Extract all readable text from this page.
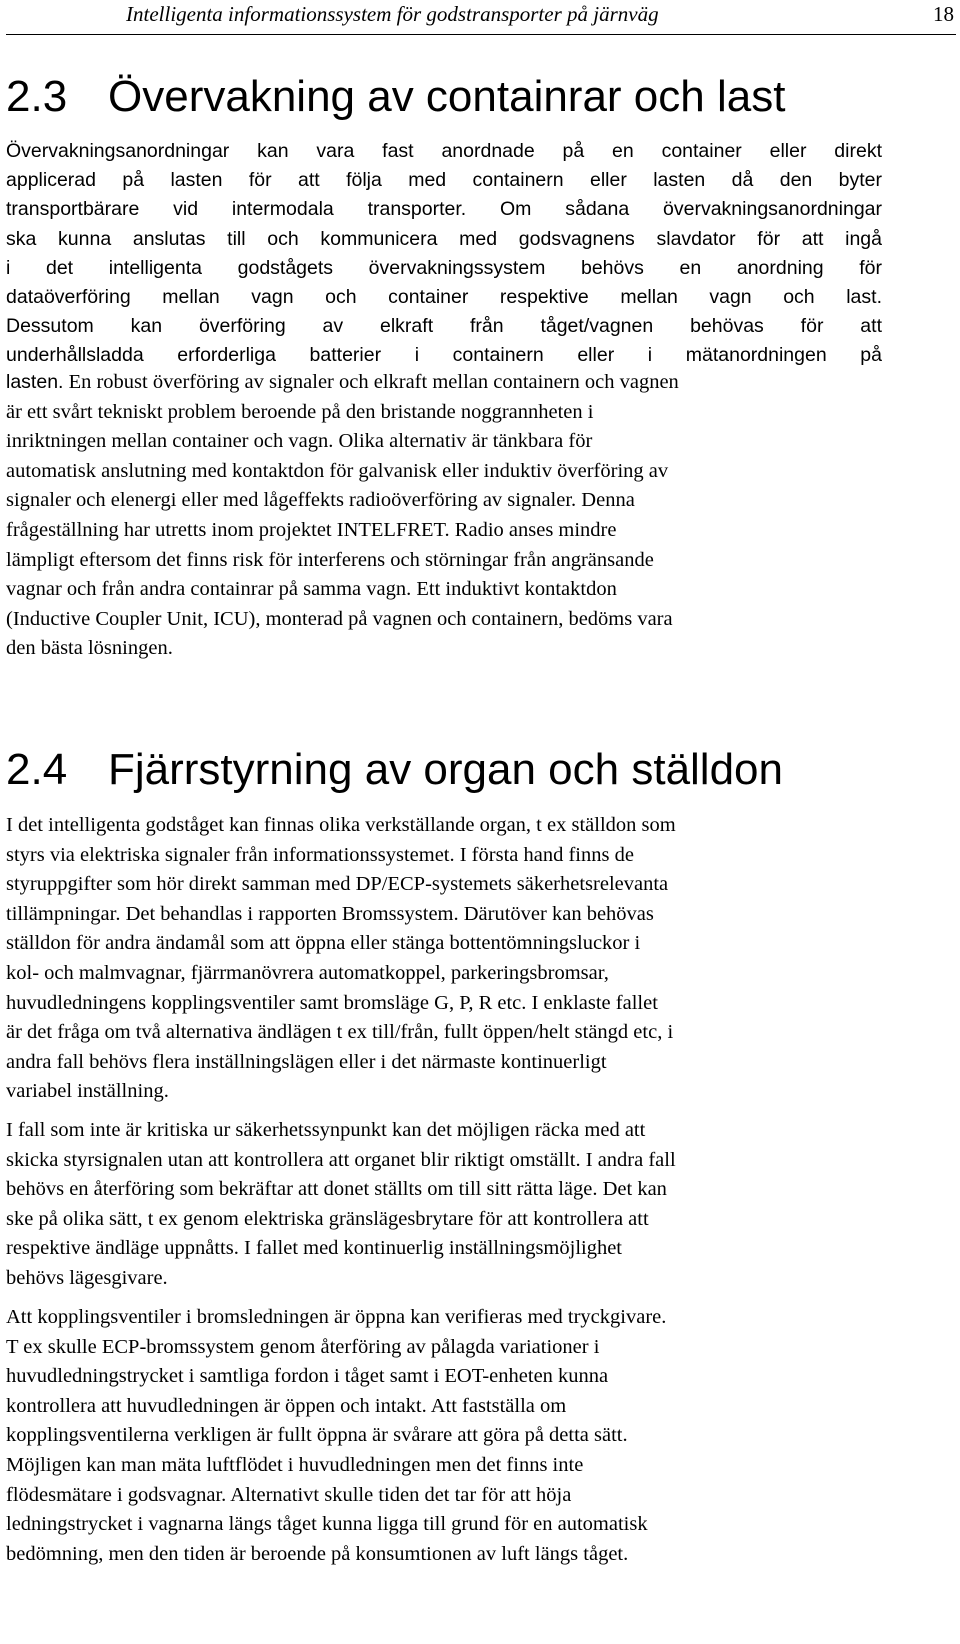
Intelligenta informationssystem för godstransporter på järnväg	18
2.3 Övervakning av containrar och last
Övervakningsanordningar kan vara fast anordnade på en container eller direkt
applicerad på lasten för att följa med containern eller lasten då den byter
transportbärare vid intermodala transporter. Om sådana övervakningsanordningar
ska kunna anslutas till och kommunicera med godsvagnens slavdator för att ingå
i det intelligenta godstågets övervakningssystem behövs en anordning för
dataöverföring mellan vagn och container respektive mellan vagn och last.
Dessutom kan överföring av elkraft från tåget/vagnen behövas för att
underhållsladda erforderliga batterier i containern eller i mätanordningen på
lasten. En robust överföring av signaler och elkraft mellan containern och vagnen
är ett svårt tekniskt problem beroende på den bristande noggrannheten i
inriktningen mellan container och vagn. Olika alternativ är tänkbara för
automatisk anslutning med kontaktdon för galvanisk eller induktiv överföring av
signaler och elenergi eller med lågeffekts radioöverföring av signaler. Denna
frågeställning har utretts inom projektet INTELFRET. Radio anses mindre
lämpligt eftersom det finns risk för interferens och störningar från angränsande
vagnar och från andra containrar på samma vagn. Ett induktivt kontaktdon
(Inductive Coupler Unit, ICU), monterad på vagnen och containern, bedöms vara
den bästa lösningen.
2.4 Fjärrstyrning av organ och ställdon
I det intelligenta godståget kan finnas olika verkställande organ, t ex ställdon som
styrs via elektriska signaler från informationssystemet. I första hand finns de
styruppgifter som hör direkt samman med DP/ECP-systemets säkerhetsrelevanta
tillämpningar. Det behandlas i rapporten Bromssystem. Därutöver kan behövas
ställdon för andra ändamål som att öppna eller stänga bottentömningsluckor i
kol- och malmvagnar, fjärrmanövrera automatkoppel, parkeringsbromsar,
huvudledningens kopplingsventiler samt bromsläge G, P, R etc. I enklaste fallet
är det fråga om två alternativa ändlägen t ex till/från, fullt öppen/helt stängd etc, i
andra fall behövs flera inställningslägen eller i det närmaste kontinuerligt
variabel inställning.
I fall som inte är kritiska ur säkerhetssynpunkt kan det möjligen räcka med att
skicka styrsignalen utan att kontrollera att organet blir riktigt omställt. I andra fall
behövs en återföring som bekräftar att donet ställts om till sitt rätta läge. Det kan
ske på olika sätt, t ex genom elektriska gränslägesbrytare för att kontrollera att
respektive ändläge uppnåtts. I fallet med kontinuerlig inställningsmöjlighet
behövs lägesgivare.
Att kopplingsventiler i bromsledningen är öppna kan verifieras med tryckgivare.
T ex skulle ECP-bromssystem genom återföring av pålagda variationer i
huvudledningstrycket i samtliga fordon i tåget samt i EOT-enheten kunna
kontrollera att huvudledningen är öppen och intakt. Att fastställa om
kopplingsventilerna verkligen är fullt öppna är svårare att göra på detta sätt.
Möjligen kan man mäta luftflödet i huvudledningen men det finns inte
flödesmätare i godsvagnar. Alternativt skulle tiden det tar för att höja
ledningstrycket i vagnarna längs tåget kunna ligga till grund för en automatisk
bedömning, men den tiden är beroende på konsumtionen av luft längs tåget.
